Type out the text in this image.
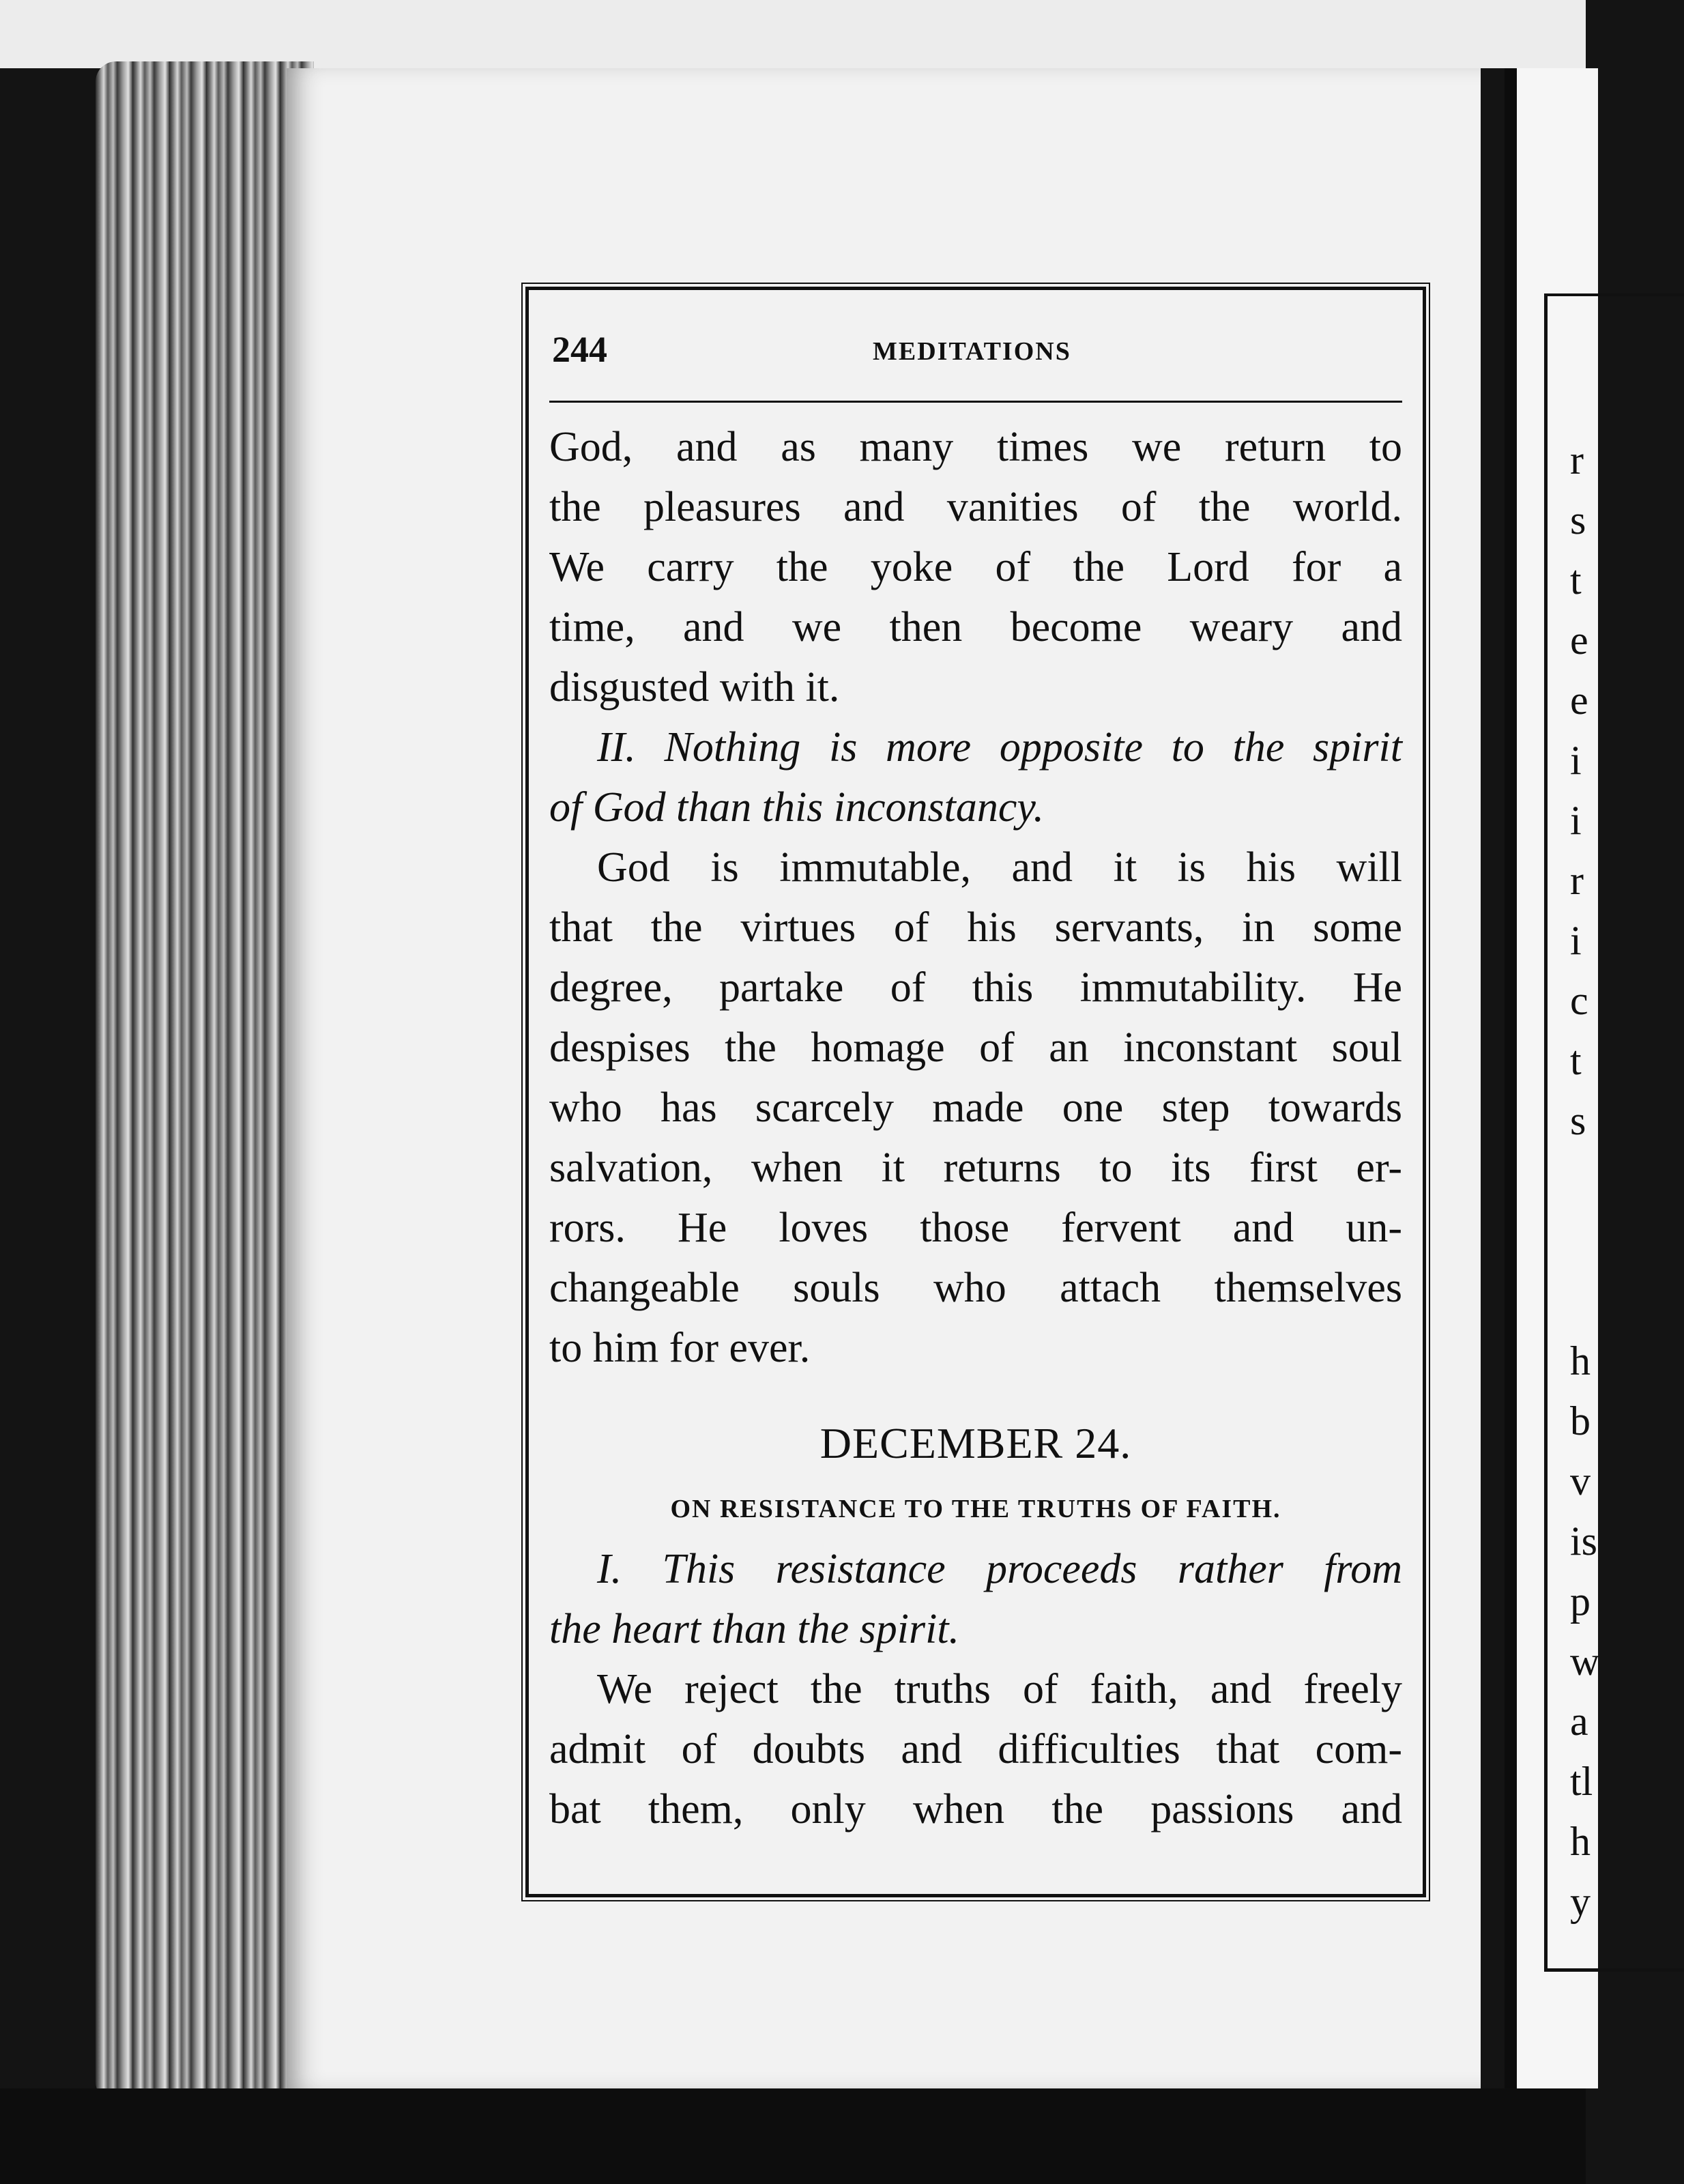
r
s
t
e
e
i
i
r
i
c
t
s

h
b
v
is
p
w
a
tl
h
y
244	MEDITATIONS
God, and as many times we return to
the pleasures and vanities of the world.
We carry the yoke of the Lord for a
time, and we then become weary and
disgusted with it.
II. Nothing is more opposite to the spirit
of God than this inconstancy.
God is immutable, and it is his will
that the virtues of his servants, in some
degree, partake of this immutability. He
despises the homage of an inconstant soul
who has scarcely made one step towards
salvation, when it returns to its first er-
rors. He loves those fervent and un-
changeable souls who attach themselves
to him for ever.
DECEMBER 24.
ON RESISTANCE TO THE TRUTHS OF FAITH.
I. This resistance proceeds rather from
the heart than the spirit.
We reject the truths of faith, and freely
admit of doubts and difficulties that com-
bat them, only when the passions and
